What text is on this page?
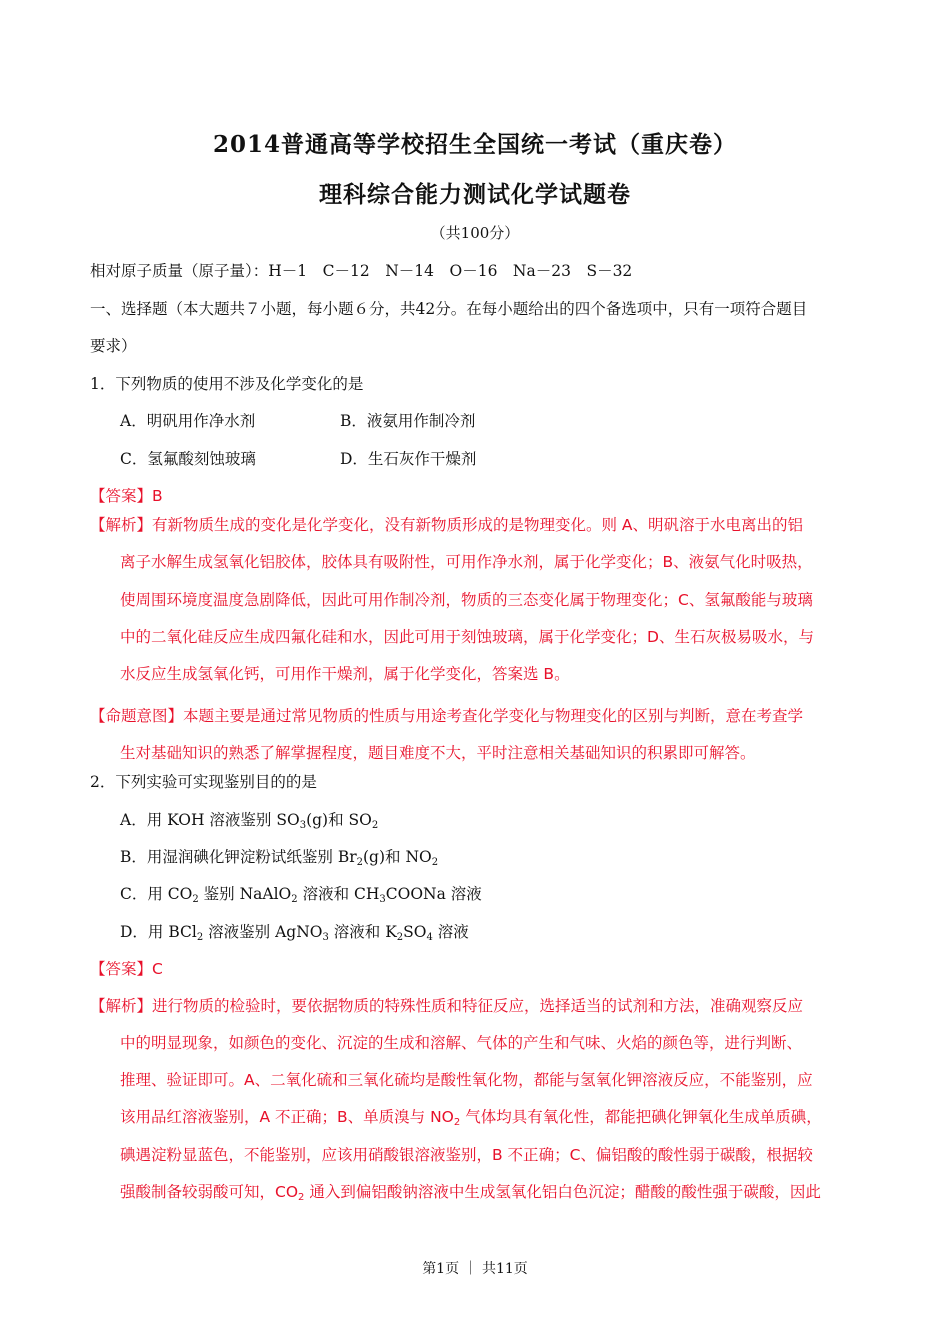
2014普通高等学校招生全国统一考试（重庆卷）
理科综合能力测试化学试题卷
（共100分）
相对原子质量（原子量）：H－1　C－12　N－14　O－16　Na－23　S－32
一、选择题（本大题共７小题，每小题６分，共42分。在每小题给出的四个备选项中，只有一项符合题目
要求）
1．下列物质的使用不涉及化学变化的是
A．明矾用作净水剂	B．液氨用作制冷剂
C．氢氟酸刻蚀玻璃	D．生石灰作干燥剂
【答案】B
【解析】有新物质生成的变化是化学变化，没有新物质形成的是物理变化。则 A、明矾溶于水电离出的铝
离子水解生成氢氧化铝胶体，胶体具有吸附性，可用作净水剂，属于化学变化；B、液氨气化时吸热，
使周围环境度温度急剧降低，因此可用作制冷剂，物质的三态变化属于物理变化；C、氢氟酸能与玻璃
中的二氧化硅反应生成四氟化硅和水，因此可用于刻蚀玻璃，属于化学变化；D、生石灰极易吸水，与
水反应生成氢氧化钙，可用作干燥剂，属于化学变化，答案选 B。
【命题意图】本题主要是通过常见物质的性质与用途考查化学变化与物理变化的区别与判断，意在考查学
生对基础知识的熟悉了解掌握程度，题目难度不大，平时注意相关基础知识的积累即可解答。
2．下列实验可实现鉴别目的的是
A．用 KOH 溶液鉴别 $SO_3(g)$和 $SO_2$
B．用湿润碘化钾淀粉试纸鉴别 $Br_2(g)$和 $NO_2$
C．用 $CO_2$ 鉴别 NaAlO$_2$ 溶液和 $CH_3COONa$ 溶液
D．用 BCl$_2$ 溶液鉴别 AgNO$_3$ 溶液和 $K_2SO_4$ 溶液
【答案】C
【解析】进行物质的检验时，要依据物质的特殊性质和特征反应，选择适当的试剂和方法，准确观察反应
中的明显现象，如颜色的变化、沉淀的生成和溶解、气体的产生和气味、火焰的颜色等，进行判断、
推理、验证即可。A、二氧化硫和三氧化硫均是酸性氧化物，都能与氢氧化钾溶液反应，不能鉴别，应
该用品红溶液鉴别，A 不正确；B、单质溴与 $NO_2$ 气体均具有氧化性，都能把碘化钾氧化生成单质碘，
碘遇淀粉显蓝色，不能鉴别，应该用硝酸银溶液鉴别，B 不正确；C、偏铝酸的酸性弱于碳酸，根据较
强酸制备较弱酸可知，$CO_2$ 通入到偏铝酸钠溶液中生成氢氧化铝白色沉淀；醋酸的酸性强于碳酸，因此
第1页 ｜ 共11页
